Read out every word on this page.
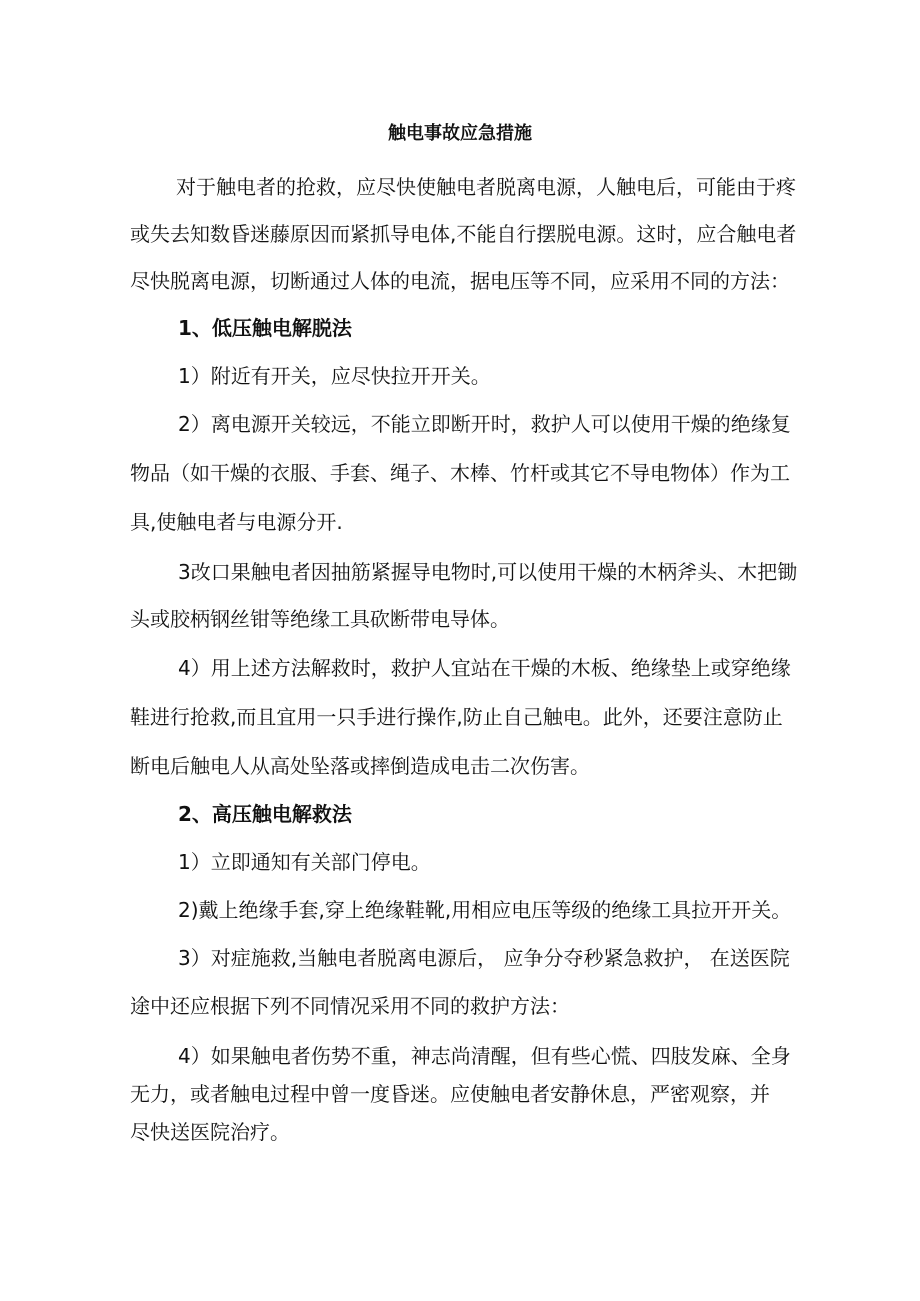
触电事故应急措施
对于触电者的抢救，应尽快使触电者脱离电源，人触电后，可能由于疼
或失去知数昏迷藤原因而紧抓导电体,不能自行摆脱电源。这时，应合触电者
尽快脱离电源，切断通过人体的电流，据电压等不同，应采用不同的方法：
1、低压触电解脱法
1）附近有开关，应尽快拉开开关。
2）离电源开关较远，不能立即断开时，救护人可以使用干燥的绝缘复
物品（如干燥的衣服、手套、绳子、木棒、竹杆或其它不导电物体）作为工
具,使触电者与电源分开.
3改口果触电者因抽筋紧握导电物时,可以使用干燥的木柄斧头、木把锄
头或胶柄钢丝钳等绝缘工具砍断带电导体。
4）用上述方法解救时，救护人宜站在干燥的木板、绝缘垫上或穿绝缘
鞋进行抢救,而且宜用一只手进行操作,防止自己触电。此外，还要注意防止
断电后触电人从高处坠落或摔倒造成电击二次伤害。
2、高压触电解救法
1）立即通知有关部门停电。
2)戴上绝缘手套,穿上绝缘鞋靴,用相应电压等级的绝缘工具拉开开关。
3）对症施救,当触电者脱离电源后， 应争分夺秒紧急救护， 在送医院
途中还应根据下列不同情况采用不同的救护方法：
4）如果触电者伤势不重，神志尚清醒，但有些心慌、四肢发麻、全身
无力，或者触电过程中曾一度昏迷。应使触电者安静休息，严密观察，并
尽快送医院治疗。
